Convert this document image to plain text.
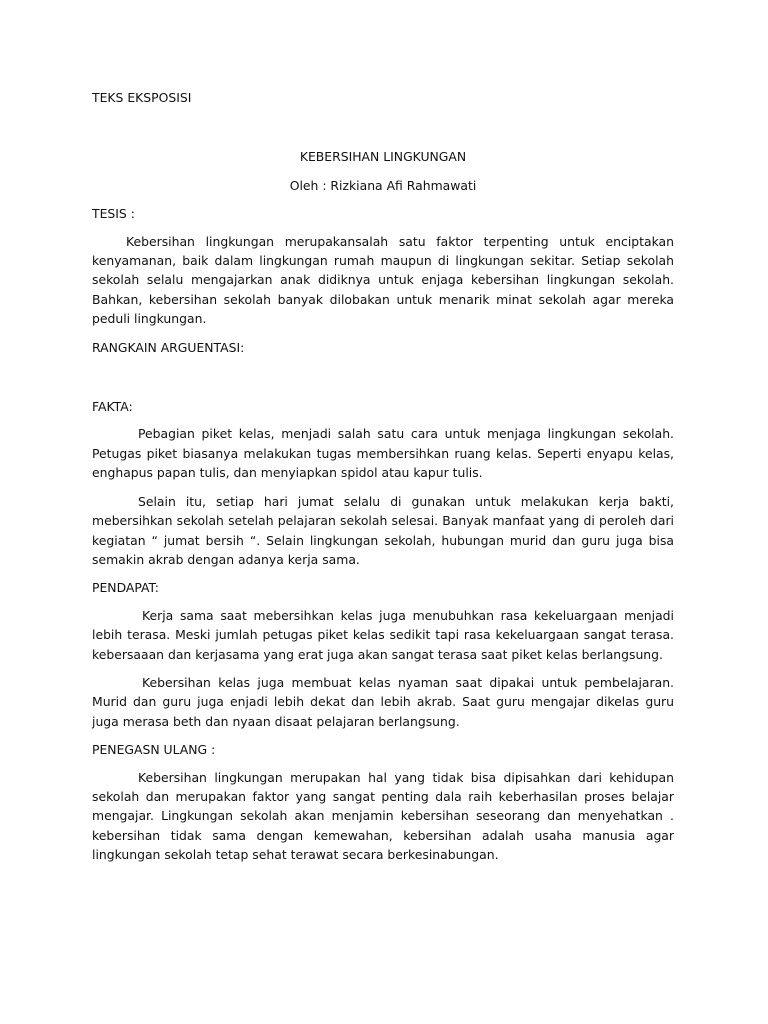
TEKS EKSPOSISI
KEBERSIHAN LINGKUNGAN
Oleh : Rizkiana Afi Rahmawati
TESIS :

Kebersihan lingkungan merupakansalah satu faktor terpenting untuk enciptakan kenyamanan, baik dalam lingkungan rumah maupun di lingkungan sekitar. Setiap sekolah sekolah selalu mengajarkan anak didiknya untuk enjaga kebersihan lingkungan sekolah. Bahkan, kebersihan sekolah banyak dilobakan untuk menarik minat sekolah agar mereka peduli lingkungan.

RANGKAIN ARGUENTASI:
FAKTA:

Pebagian piket kelas, menjadi salah satu cara untuk menjaga lingkungan sekolah. Petugas piket biasanya melakukan tugas membersihkan ruang kelas. Seperti enyapu kelas, enghapus papan tulis, dan menyiapkan spidol atau kapur tulis.

Selain itu, setiap hari jumat selalu di gunakan untuk melakukan kerja bakti, mebersihkan sekolah setelah pelajaran sekolah selesai. Banyak manfaat yang di peroleh dari kegiatan “ jumat bersih “. Selain lingkungan sekolah, hubungan murid dan guru juga bisa semakin akrab dengan adanya kerja sama.

PENDAPAT:

Kerja sama saat mebersihkan kelas juga menubuhkan rasa kekeluargaan menjadi lebih terasa. Meski jumlah petugas piket kelas sedikit tapi rasa kekeluargaan sangat terasa. kebersaaan dan kerjasama yang erat juga akan sangat terasa saat piket kelas berlangsung.

Kebersihan kelas juga membuat kelas nyaman saat dipakai untuk pembelajaran. Murid dan guru juga enjadi lebih dekat dan lebih akrab. Saat guru mengajar dikelas guru juga merasa beth dan nyaan disaat pelajaran berlangsung.

PENEGASN ULANG :

Kebersihan lingkungan merupakan hal yang tidak bisa dipisahkan dari kehidupan sekolah dan merupakan faktor yang sangat penting dala raih keberhasilan proses belajar mengajar. Lingkungan sekolah akan menjamin kebersihan seseorang dan menyehatkan . kebersihan tidak sama dengan kemewahan, kebersihan adalah usaha manusia agar lingkungan sekolah tetap sehat terawat secara berkesinabungan.
